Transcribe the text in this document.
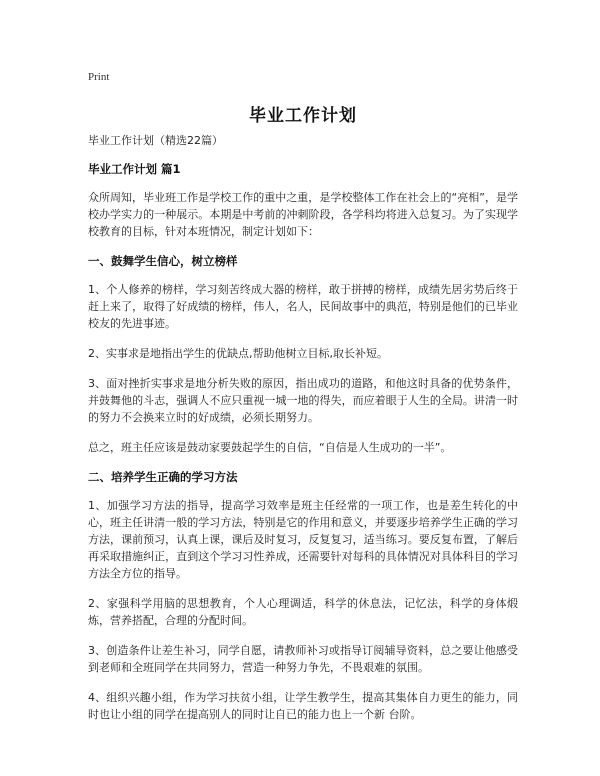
Print
毕业工作计划

毕业工作计划（精选22篇）

毕业工作计划 篇1

众所周知，毕业班工作是学校工作的重中之重，是学校整体工作在社会上的“亮相”，是学校办学实力的一种展示。本期是中考前的冲刺阶段，各学科均将进入总复习。为了实现学校教育的目标，针对本班情况，制定计划如下：

一、鼓舞学生信心，树立榜样

1、个人修养的榜样，学习刻苦终成大器的榜样，敢于拼搏的榜样，成绩先居劣势后终于赶上来了，取得了好成绩的榜样，伟人，名人，民间故事中的典范，特别是他们的已毕业校友的先进事迹。

2、实事求是地指出学生的优缺点,帮助他树立目标,取长补短。

3、面对挫折实事求是地分析失败的原因，指出成功的道路，和他这时具备的优势条件，并鼓舞他的斗志，强调人不应只重视一城一地的得失，而应着眼于人生的全局。讲清一时的努力不会换来立时的好成绩，必须长期努力。

总之，班主任应该是鼓动家要鼓起学生的自信，“自信是人生成功的一半”。

二、培养学生正确的学习方法

1、加强学习方法的指导，提高学习效率是班主任经常的一项工作，也是差生转化的中心，班主任讲清一般的学习方法，特别是它的作用和意义，并要逐步培养学生正确的学习方法，课前预习，认真上课，课后及时复习，反复复习，适当练习。要反复布置，了解后再采取措施纠正，直到这个学习习性养成，还需要针对每科的具体情况对具体科目的学习方法全方位的指导。

2、家强科学用脑的思想教育，个人心理调适，科学的休息法，记忆法，科学的身体煅炼，营养搭配，合理的分配时间。

3、创造条件让差生补习，同学自愿，请教师补习或指导订阅辅导资料，总之要让他感受到老师和全班同学在共同努力，营造一种努力争先，不畏艰难的氛围。

4、组织兴趣小组，作为学习扶贫小组，让学生教学生，提高其集体自力更生的能力，同时也让小组的同学在提高别人的同时让自已的能力也上一个新 台阶。
